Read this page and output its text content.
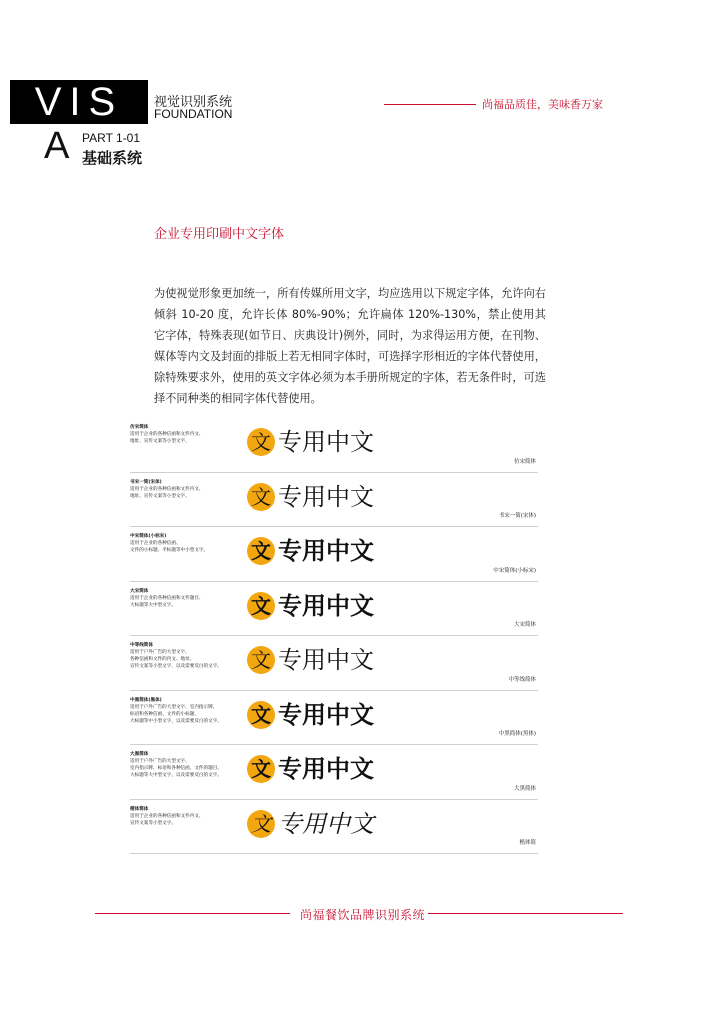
VIS	视觉识别系统
FOUNDATION
A PART 1-01
基础系统
尚福品质佳，美味香万家
企业专用印刷中文字体

为使视觉形象更加统一，所有传媒所用文字，均应选用以下规定字体，允许向右倾斜 10-20 度，允许长体 80%-90%；允许扁体 120%-130%，禁止使用其它字体，特殊表现(如节日、庆典设计)例外，同时，为求得运用方便，在刊物、媒体等内文及封面的排版上若无相同字体时，可选择字形相近的字体代替使用，除特殊要求外，使用的英文字体必须为本手册所规定的字体，若无条件时，可选择不同种类的相同字体代替使用。

仿宋简体
适用于企业的各种信函和文件内文、
地址、宣传文案等小型文字。	文 专用中文
仿宋简体
书宋一简(宋体)
适用于企业的各种信函和文件内文、
地址、宣传文案等小型文字。	文 专用中文
书宋一简(宋体)
中宋简体(小标宋)
适用于企业的各种信函、
文件的小标题、平标题等中小型文字。	文 专用中文
中宋简体(小标宋)
大宋简体
适用于企业的各种信函和文件题目、
大标题等大中型文字。	文 专用中文
大宋简体
中等线简体
适用于户外广告的大型文字、
各种信函和文件的内文、地址、
宣传文案等小型文字，以及需要反白的文字。	文 专用中文
中等线简体
中黑简体(黑体)
适用于户外广告的大型文字、室内指示牌、
标语和各种信函、文件的小标题、
大标题等中小型文字，以及需要反白的文字。	文 专用中文
中黑简体(黑体)
大黑简体
适用于户外广告的大型文字、
室内指示牌、标语和各种信函、文件的题目、
大标题等大中型文字，以及需要反白的文字。	文 专用中文
大黑简体
楷体简体
适用于企业的各种信函和文件内文、
宣传文案等小型文字。	文 专用中文
楷体简
尚福餐饮品牌识别系统
